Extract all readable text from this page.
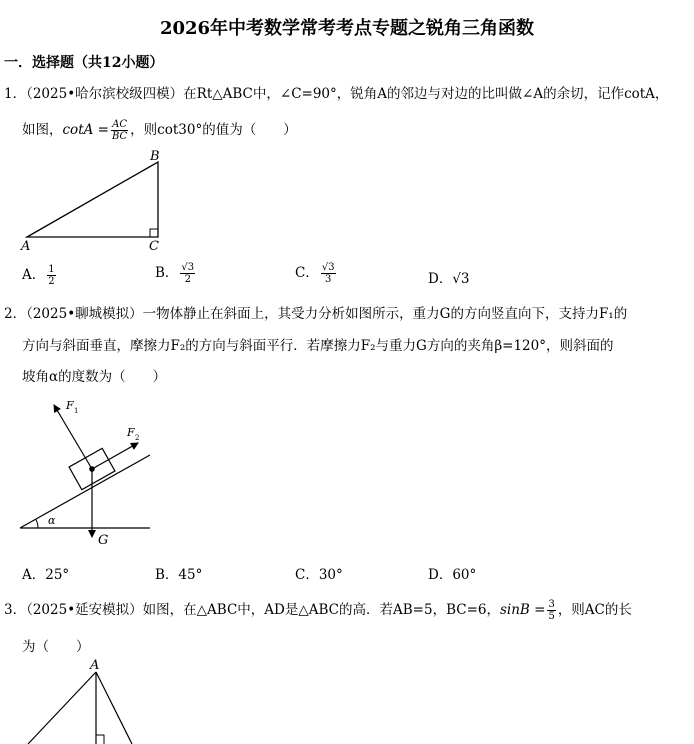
2026年中考数学常考考点专题之锐角三角函数
一．选择题（共12小题）
1．（2025•哈尔滨校级四模）在Rt△ABC中，∠C=90°，锐角A的邻边与对边的比叫做∠A的余切，记作cotA，
如图，$\cot A = \frac{AC}{BC}$ ，则cot30°的值为（　　）
A
B
C
A． $\frac{1}{2}$	B． $\frac{√3}{2}$	C． $\frac{√3}{3}$	D．√3
2．（2025•聊城模拟）一物体静止在斜面上，其受力分析如图所示，重力G的方向竖直向下，支持力F₁的
方向与斜面垂直，摩擦力F₂的方向与斜面平行．若摩擦力F₂与重力G方向的夹角β=120°，则斜面的
坡角α的度数为（　　）
F 1
F 2
G
α
A．25°	B．45°	C．30°	D．60°
3．（2025•延安模拟）如图，在△ABC中，AD是△ABC的高．若AB=5，BC=6，$\sin B = \frac{3}{5}$ ，则AC的长
为（　　）
A
